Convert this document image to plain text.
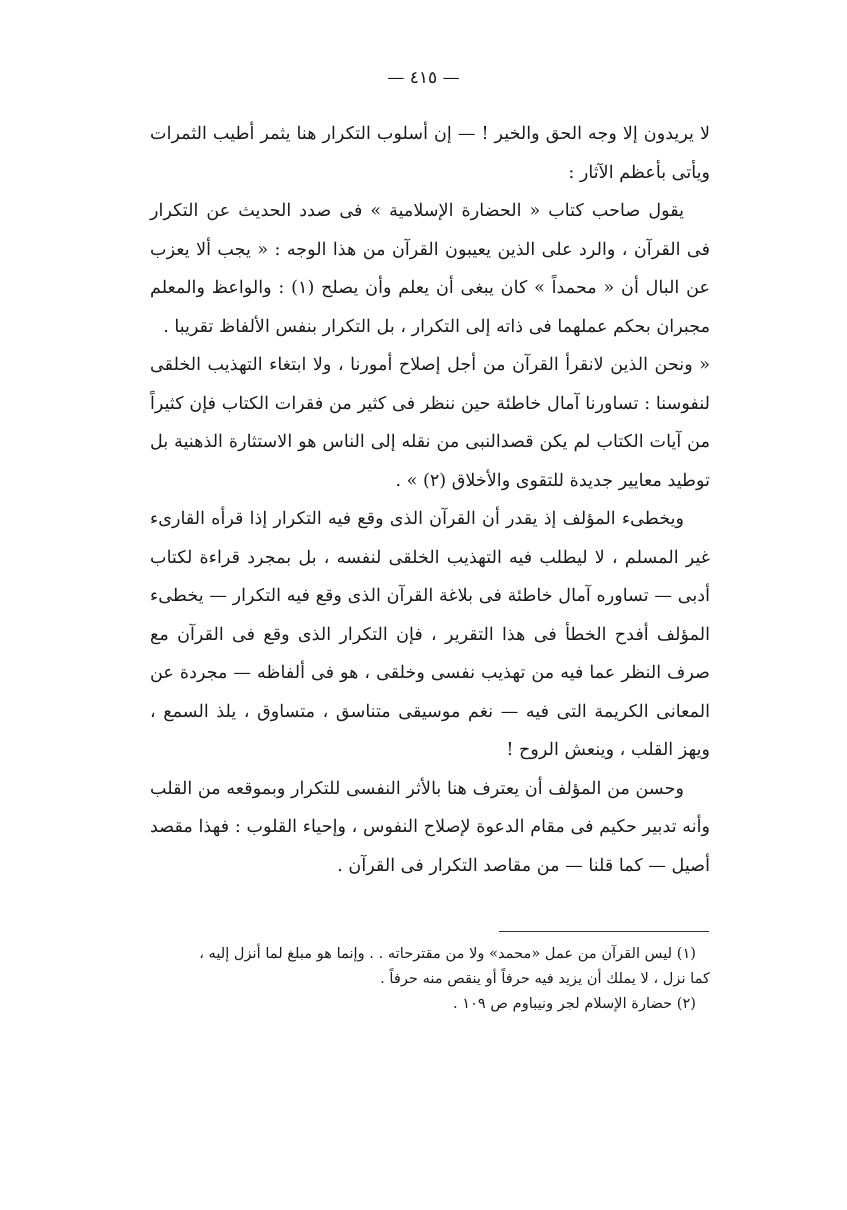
— ٤١٥ —

لا يريدون إلا وجه الحق والخير ! — إن أسلوب التكرار هنا يثمر أطيب الثمرات ويأتى بأعظم الآثار :

يقول صاحب كتاب « الحضارة الإسلامية » فى صدد الحديث عن التكرار فى القرآن ، والرد على الذين يعيبون القرآن من هذا الوجه : « يجب ألا يعزب عن البال أن « محمداً » كان يبغى أن يعلم وأن يصلح (١) : والواعظ والمعلم مجبران بحكم عملهما فى ذاته إلى التكرار ، بل التكرار بنفس الألفاظ تقريبا .

« ونحن الذين لانقرأ القرآن من أجل إصلاح أمورنا ، ولا ابتغاء التهذيب الخلقى لنفوسنا : تساورنا آمال خاطئة حين ننظر فى كثير من فقرات الكتاب فإن كثيراً من آيات الكتاب لم يكن قصدالنبى من نقله إلى الناس هو الاستثارة الذهنية بل توطيد معايير جديدة للتقوى والأخلاق (٢) » .

ويخطىء المؤلف إذ يقدر أن القرآن الذى وقع فيه التكرار إذا قرأه القارىء غير المسلم ، لا ليطلب فيه التهذيب الخلقى لنفسه ، بل بمجرد قراءة لكتاب أدبى — تساوره آمال خاطئة فى بلاغة القرآن الذى وقع فيه التكرار — يخطىء المؤلف أفدح الخطأ فى هذا التقرير ، فإن التكرار الذى وقع فى القرآن مع صرف النظر عما فيه من تهذيب نفسى وخلقى ، هو فى ألفاظه — مجردة عن المعانى الكريمة التى فيه — نغم موسيقى متناسق ، متساوق ، يلذ السمع ، ويهز القلب ، وينعش الروح !

وحسن من المؤلف أن يعترف هنا بالأثر النفسى للتكرار وبموقعه من القلب وأنه تدبير حكيم فى مقام الدعوة لإصلاح النفوس ، وإحياء القلوب : فهذا مقصد أصيل — كما قلنا — من مقاصد التكرار فى القرآن .

(١) ليس القرآن من عمل «محمد» ولا من مقترحاته . . وإنما هو مبلغ لما أنزل إليه ،

كما نزل ، لا يملك أن يزيد فيه حرفاً أو ينقص منه حرفاً .

(٢) حضارة الإسلام لجر ونيباوم ص ١٠٩ .
